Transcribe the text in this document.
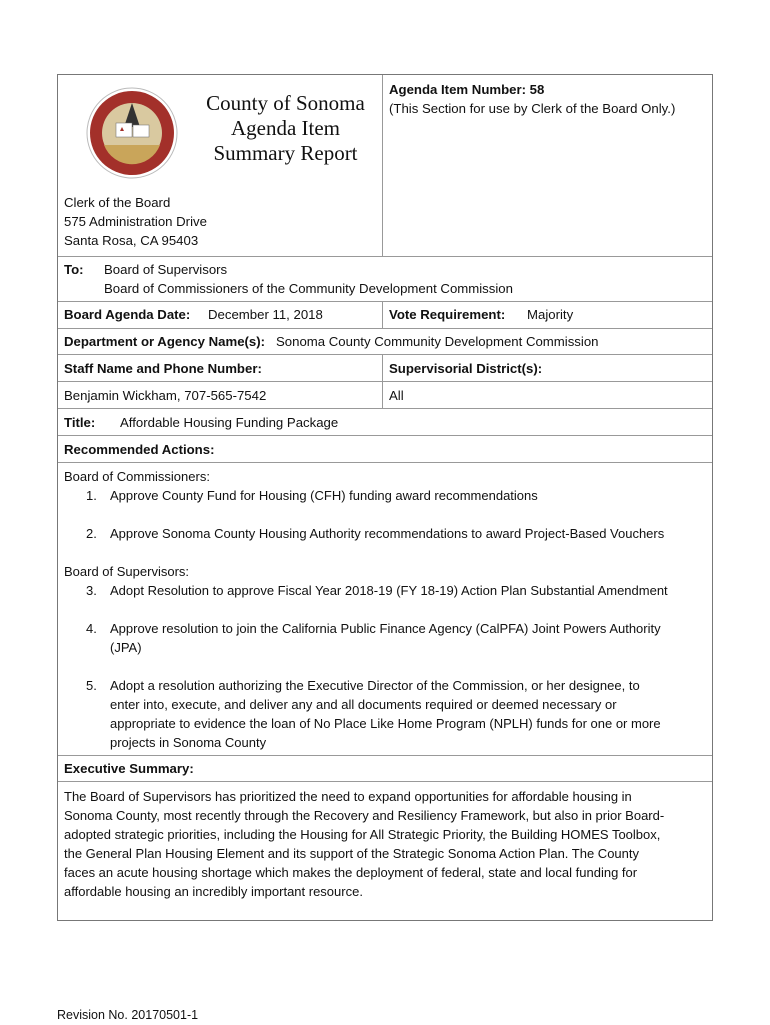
County of Sonoma
Agenda Item
Summary Report
Agenda Item Number: 58
(This Section for use by Clerk of the Board Only.)
Clerk of the Board
575 Administration Drive
Santa Rosa, CA 95403
To: Board of Supervisors
Board of Commissioners of the Community Development Commission
Board Agenda Date: December 11, 2018	Vote Requirement: Majority
Department or Agency Name(s): Sonoma County Community Development Commission
Staff Name and Phone Number:	Supervisorial District(s):
Benjamin Wickham, 707-565-7542	All
Title: Affordable Housing Funding Package
Recommended Actions:
Board of Commissioners:
1. Approve County Fund for Housing (CFH) funding award recommendations
2. Approve Sonoma County Housing Authority recommendations to award Project-Based Vouchers
Board of Supervisors:
3. Adopt Resolution to approve Fiscal Year 2018-19 (FY 18-19) Action Plan Substantial Amendment
4. Approve resolution to join the California Public Finance Agency (CalPFA) Joint Powers Authority
(JPA)
5. Adopt a resolution authorizing the Executive Director of the Commission, or her designee, to
enter into, execute, and deliver any and all documents required or deemed necessary or
appropriate to evidence the loan of No Place Like Home Program (NPLH) funds for one or more
projects in Sonoma County
Executive Summary:
The Board of Supervisors has prioritized the need to expand opportunities for affordable housing in
Sonoma County, most recently through the Recovery and Resiliency Framework, but also in prior Board-
adopted strategic priorities, including the Housing for All Strategic Priority, the Building HOMES Toolbox,
the General Plan Housing Element and its support of the Strategic Sonoma Action Plan. The County
faces an acute housing shortage which makes the deployment of federal, state and local funding for
affordable housing an incredibly important resource.
Revision No. 20170501-1
